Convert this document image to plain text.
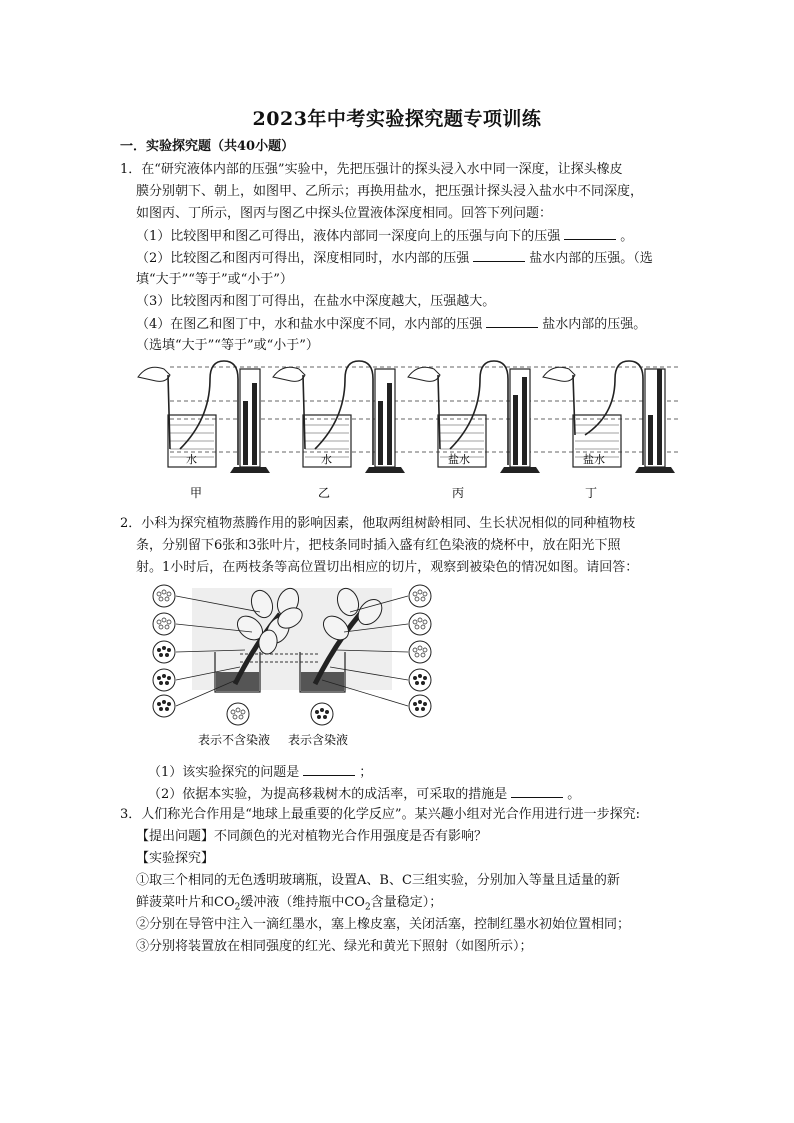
2023年中考实验探究题专项训练
一．实验探究题（共40小题）
1．在“研究液体内部的压强”实验中，先把压强计的探头浸入水中同一深度，让探头橡皮
膜分别朝下、朝上，如图甲、乙所示；再换用盐水，把压强计探头浸入盐水中不同深度，
如图丙、丁所示，图丙与图乙中探头位置液体深度相同。回答下列问题：
（1）比较图甲和图乙可得出，液体内部同一深度向上的压强与向下的压强	。
（2）比较图乙和图丙可得出，深度相同时，水内部的压强	盐水内部的压强。（选
填“大于”“等于”或“小于”）
（3）比较图丙和图丁可得出，在盐水中深度越大，压强越大。
（4）在图乙和图丁中，水和盐水中深度不同，水内部的压强	盐水内部的压强。
（选填“大于”“等于”或“小于”）
水	水	盐水	盐水
甲	乙	丙	丁
2．小科为探究植物蒸腾作用的影响因素，他取两组树龄相同、生长状况相似的同种植物枝
条，分别留下6张和3张叶片，把枝条同时插入盛有红色染液的烧杯中，放在阳光下照
射。1小时后，在两枝条等高位置切出相应的切片，观察到被染色的情况如图。请回答：
表示不含染液 表示含染液
（1）该实验探究的问题是	；
（2）依据本实验，为提高移栽树木的成活率，可采取的措施是	。
3．人们称光合作用是“地球上最重要的化学反应”。某兴趣小组对光合作用进行进一步探究:
【提出问题】不同颜色的光对植物光合作用强度是否有影响？
【实验探究】
①取三个相同的无色透明玻璃瓶，设置A、B、C三组实验，分别加入等量且适量的新
鲜菠菜叶片和$CO_2$缓冲液（维持瓶中$CO_2$含量稳定）；
②分别在导管中注入一滴红墨水，塞上橡皮塞，关闭活塞，控制红墨水初始位置相同；
③分别将装置放在相同强度的红光、绿光和黄光下照射（如图所示）；
